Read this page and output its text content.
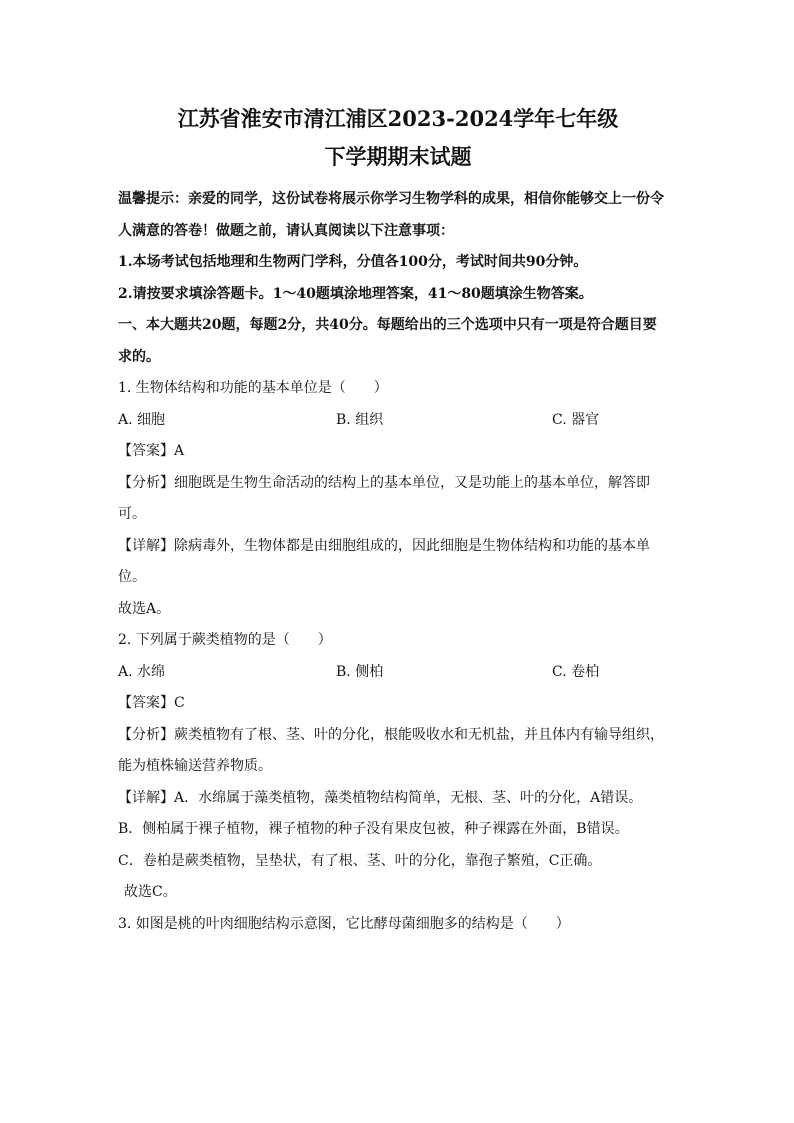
江苏省淮安市清江浦区2023-2024学年七年级

下学期期末试题

温馨提示：亲爱的同学，这份试卷将展示你学习生物学科的成果，相信你能够交上一份令

人满意的答卷！做题之前，请认真阅读以下注意事项：

1.本场考试包括地理和生物两门学科，分值各100分，考试时间共90分钟。

2.请按要求填涂答题卡。1～40题填涂地理答案，41～80题填涂生物答案。

一、本大题共20题，每题2分，共40分。每题给出的三个选项中只有一项是符合题目要

求的。

1. 生物体结构和功能的基本单位是（　　）

A. 细胞	B. 组织	C. 器官

【答案】A

【分析】细胞既是生物生命活动的结构上的基本单位，又是功能上的基本单位，解答即

可。

【详解】除病毒外，生物体都是由细胞组成的，因此细胞是生物体结构和功能的基本单

位。

故选A。

2. 下列属于蕨类植物的是（　　）

A. 水绵	B. 侧柏	C. 卷柏

【答案】C

【分析】蕨类植物有了根、茎、叶的分化，根能吸收水和无机盐，并且体内有输导组织，

能为植株输送营养物质。

【详解】A．水绵属于藻类植物，藻类植物结构简单，无根、茎、叶的分化，A错误。

B．侧柏属于裸子植物，裸子植物的种子没有果皮包被，种子裸露在外面，B错误。

C．卷柏是蕨类植物，呈垫状，有了根、茎、叶的分化，靠孢子繁殖，C正确。

故选C。

3. 如图是桃的叶肉细胞结构示意图，它比酵母菌细胞多的结构是（　　）
